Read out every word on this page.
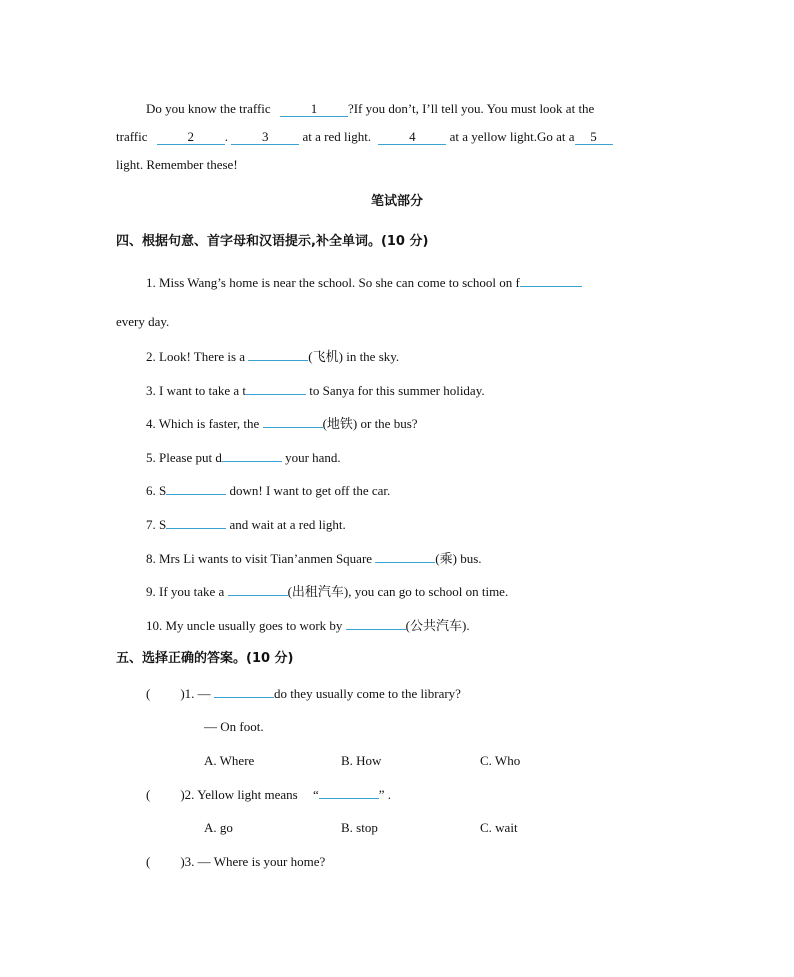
Do you know the traffic	1 ?If you don’t, I’ll tell you. You must look at the
traffic	2 . 3	at a red light.	4	at a yellow light.Go at a 5
light. Remember these!
笔试部分
四、根据句意、首字母和汉语提示,补全单词。(10 分)
1. Miss Wang’s home is near the school. So she can come to school on f
every day.
2. Look! There is a	(飞机) in the sky.
3. I want to take a t	to Sanya for this summer holiday.
4. Which is faster, the	(地铁) or the bus?
5. Please put d	your hand.
6. S	down! I want to get off the car.
7. S	and wait at a red light.
8. Mrs Li wants to visit Tian’anmen Square	(乘) bus.
9. If you take a	(出租汽车), you can go to school on time.
10. My uncle usually goes to work by	(公共汽车).
五、选择正确的答案。(10 分)
( )1. —	do they usually come to the library?
— On foot.
A. Where	B. How	C. Who
( )2. Yellow light means “	” .
A. go	B. stop	C. wait
( )3. — Where is your home?
